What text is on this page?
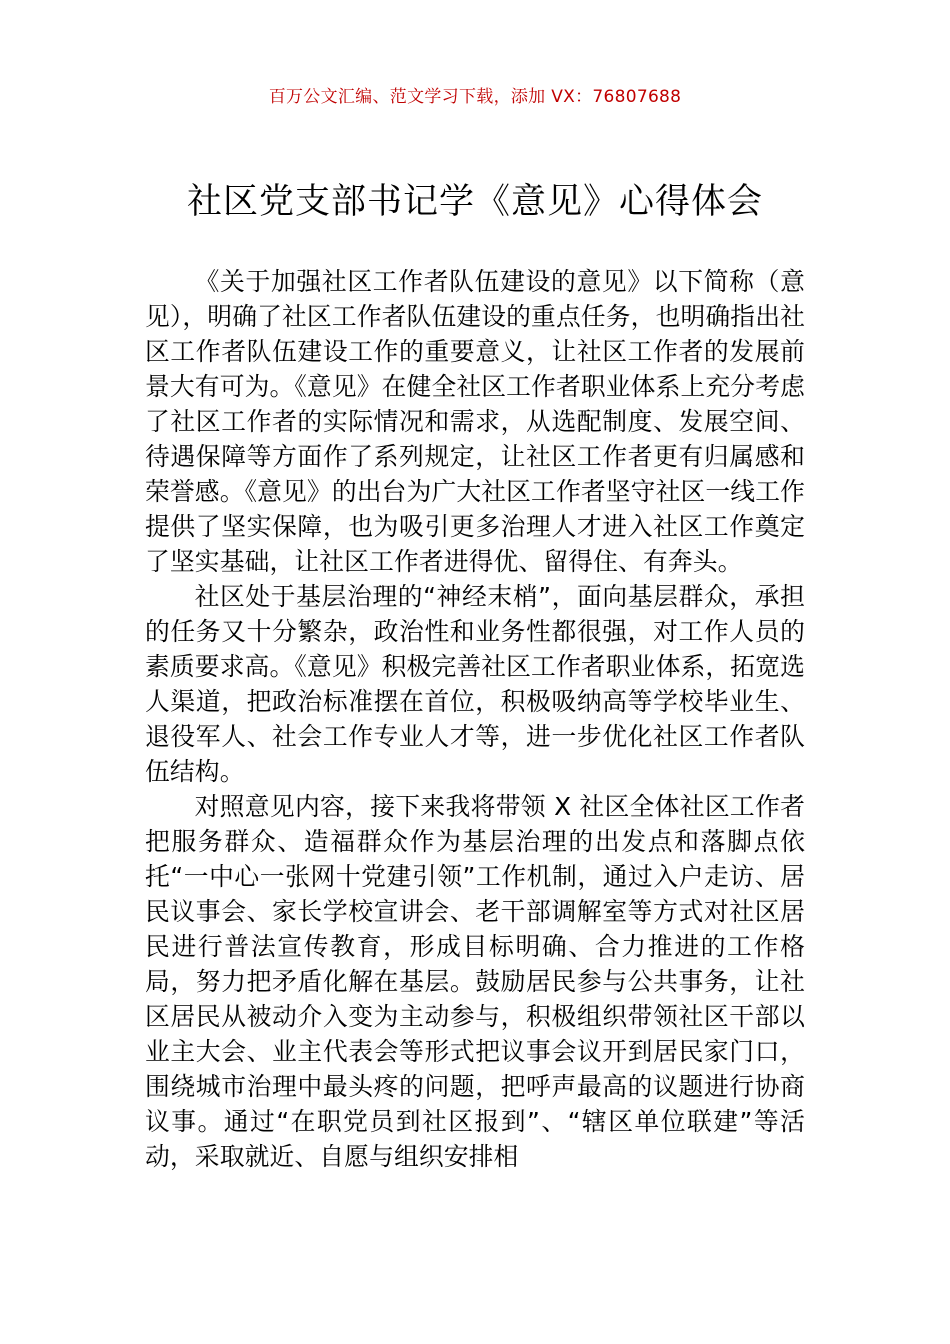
百万公文汇编、范文学习下载，添加 VX：76807688
社区党支部书记学《意见》心得体会

《关于加强社区工作者队伍建设的意见》以下简称（意见），明确了社区工作者队伍建设的重点任务，也明确指出社区工作者队伍建设工作的重要意义，让社区工作者的发展前景大有可为。《意见》在健全社区工作者职业体系上充分考虑了社区工作者的实际情况和需求，从选配制度、发展空间、待遇保障等方面作了系列规定，让社区工作者更有归属感和荣誉感。《意见》的出台为广大社区工作者坚守社区一线工作提供了坚实保障，也为吸引更多治理人才进入社区工作奠定了坚实基础，让社区工作者进得优、留得住、有奔头。

社区处于基层治理的“神经末梢”，面向基层群众，承担的任务又十分繁杂，政治性和业务性都很强，对工作人员的素质要求高。《意见》积极完善社区工作者职业体系，拓宽选人渠道，把政治标准摆在首位，积极吸纳高等学校毕业生、退役军人、社会工作专业人才等，进一步优化社区工作者队伍结构。

对照意见内容，接下来我将带领 X 社区全体社区工作者把服务群众、造福群众作为基层治理的出发点和落脚点依托“一中心一张网十党建引领”工作机制，通过入户走访、居民议事会、家长学校宣讲会、老干部调解室等方式对社区居民进行普法宣传教育，形成目标明确、合力推进的工作格局，努力把矛盾化解在基层。鼓励居民参与公共事务，让社区居民从被动介入变为主动参与，积极组织带领社区干部以业主大会、业主代表会等形式把议事会议开到居民家门口，围绕城市治理中最头疼的问题，把呼声最高的议题进行协商议事。通过“在职党员到社区报到”、“辖区单位联建”等活动，采取就近、自愿与组织安排相
